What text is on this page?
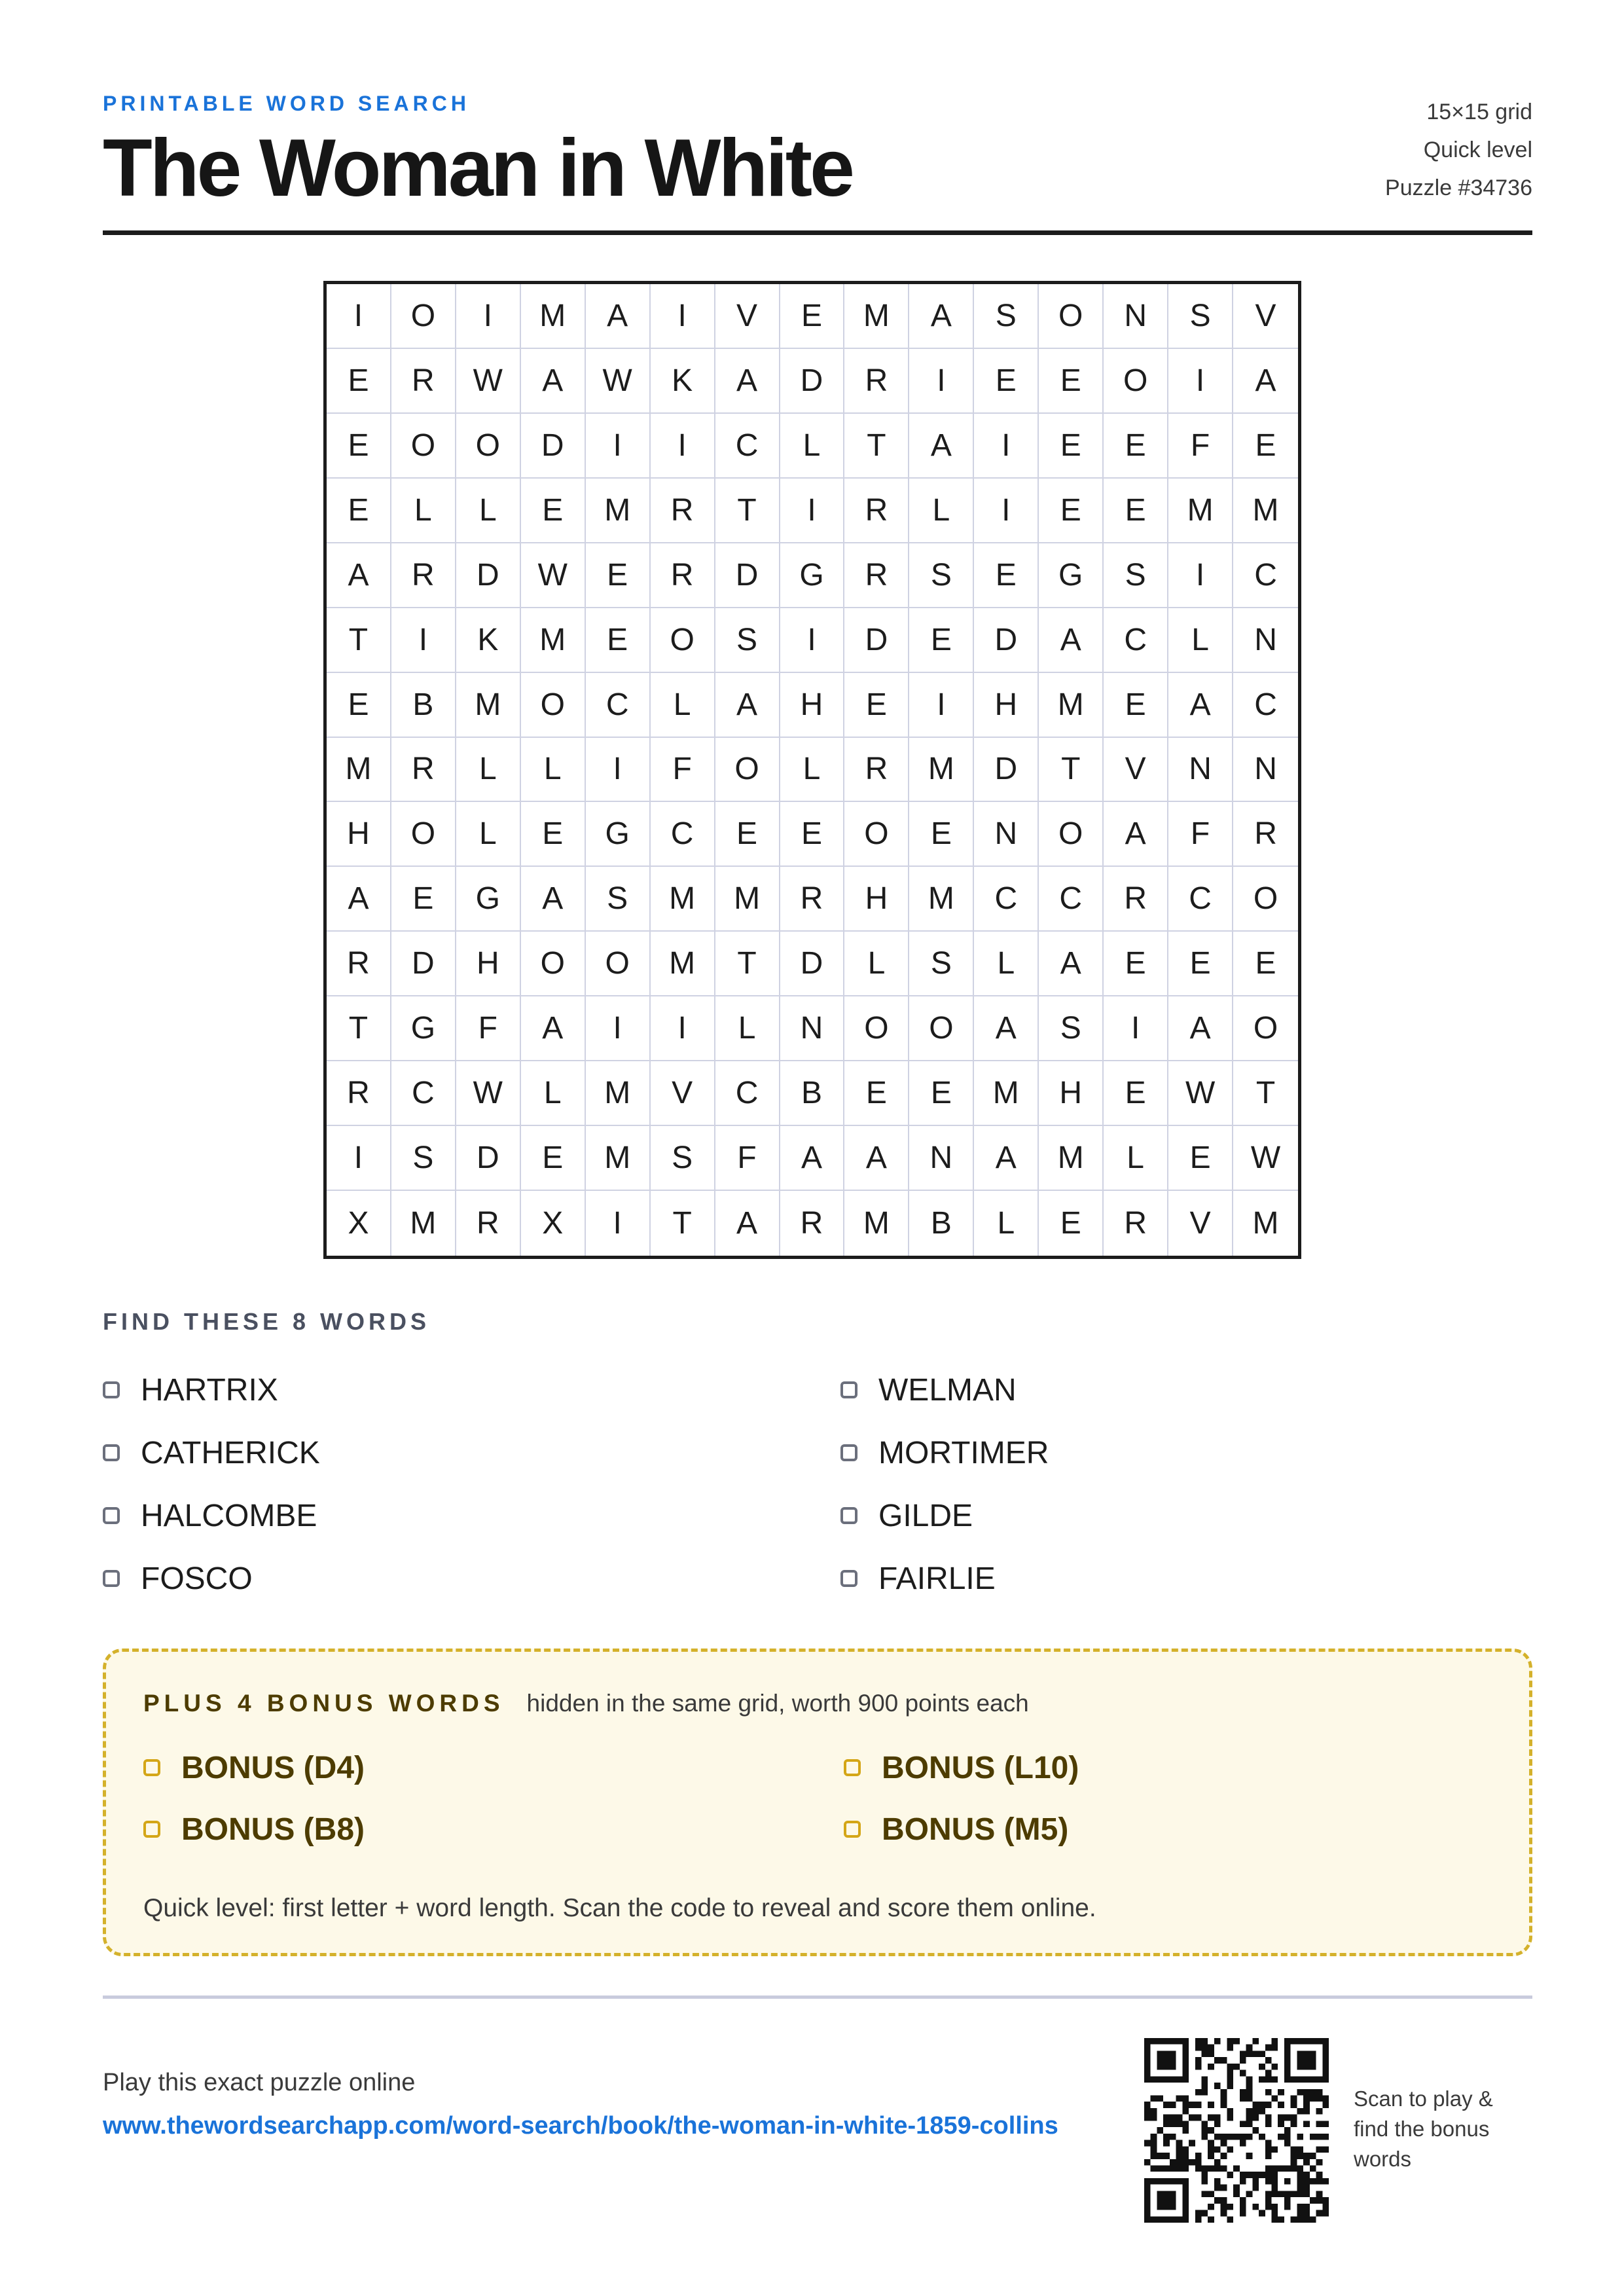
PRINTABLE WORD SEARCH

The Woman in White
15×15 grid
Quick level
Puzzle #34736
I	O	I	M	A	I	V	E	M	A	S	O	N	S	V
E	R	W	A	W	K	A	D	R	I	E	E	O	I	A
E	O	O	D	I	I	C	L	T	A	I	E	E	F	E
E	L	L	E	M	R	T	I	R	L	I	E	E	M	M
A	R	D	W	E	R	D	G	R	S	E	G	S	I	C
T	I	K	M	E	O	S	I	D	E	D	A	C	L	N
E	B	M	O	C	L	A	H	E	I	H	M	E	A	C
M	R	L	L	I	F	O	L	R	M	D	T	V	N	N
H	O	L	E	G	C	E	E	O	E	N	O	A	F	R
A	E	G	A	S	M	M	R	H	M	C	C	R	C	O
R	D	H	O	O	M	T	D	L	S	L	A	E	E	E
T	G	F	A	I	I	L	N	O	O	A	S	I	A	O
R	C	W	L	M	V	C	B	E	E	M	H	E	W	T
I	S	D	E	M	S	F	A	A	N	A	M	L	E	W
X	M	R	X	I	T	A	R	M	B	L	E	R	V	M
FIND THESE 8 WORDS
HARTRIX	WELMAN
CATHERICK	MORTIMER
HALCOMBE	GILDE
FOSCO	FAIRLIE
PLUS 4 BONUS WORDS hidden in the same grid, worth 900 points each
BONUS (D4)	BONUS (L10)
BONUS (B8)	BONUS (M5)
Quick level: first letter + word length. Scan the code to reveal and score them online.

Play this exact puzzle online

www.thewordsearchapp.com/word-search/book/the-woman-in-white-1859-collins
Scan to play & find the bonus words
